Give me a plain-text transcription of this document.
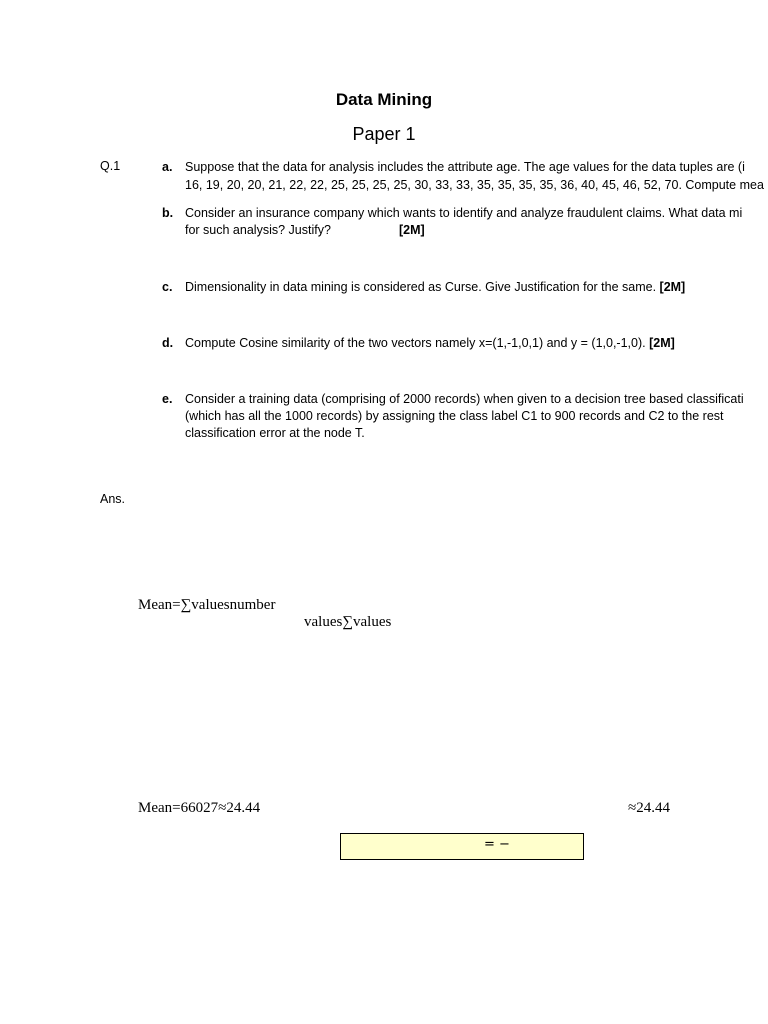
Data Mining
Paper 1
Q.1	a. Suppose that the data for analysis includes the attribute age. The age values for the data tuples are (i
16, 19, 20, 20, 21, 22, 22, 25, 25, 25, 25, 30, 33, 33, 35, 35, 35, 35, 36, 40, 45, 46, 52, 70. Compute mea
b. Consider an insurance company which wants to identify and analyze fraudulent claims. What data mi
for such analysis? Justify?	[2M]
c. Dimensionality in data mining is considered as Curse. Give Justification for the same. [2M]
d. Compute Cosine similarity of the two vectors namely x=(1,-1,0,1) and y = (1,0,-1,0). [2M]
e. Consider a training data (comprising of 2000 records) when given to a decision tree based classificati
(which has all the 1000 records) by assigning the class label C1 to 900 records and C2 to the rest
classification error at the node T.
Ans.
Mean=∑valuesnumber
values∑values
Mean=66027≈24.44	≈24.44
= −
